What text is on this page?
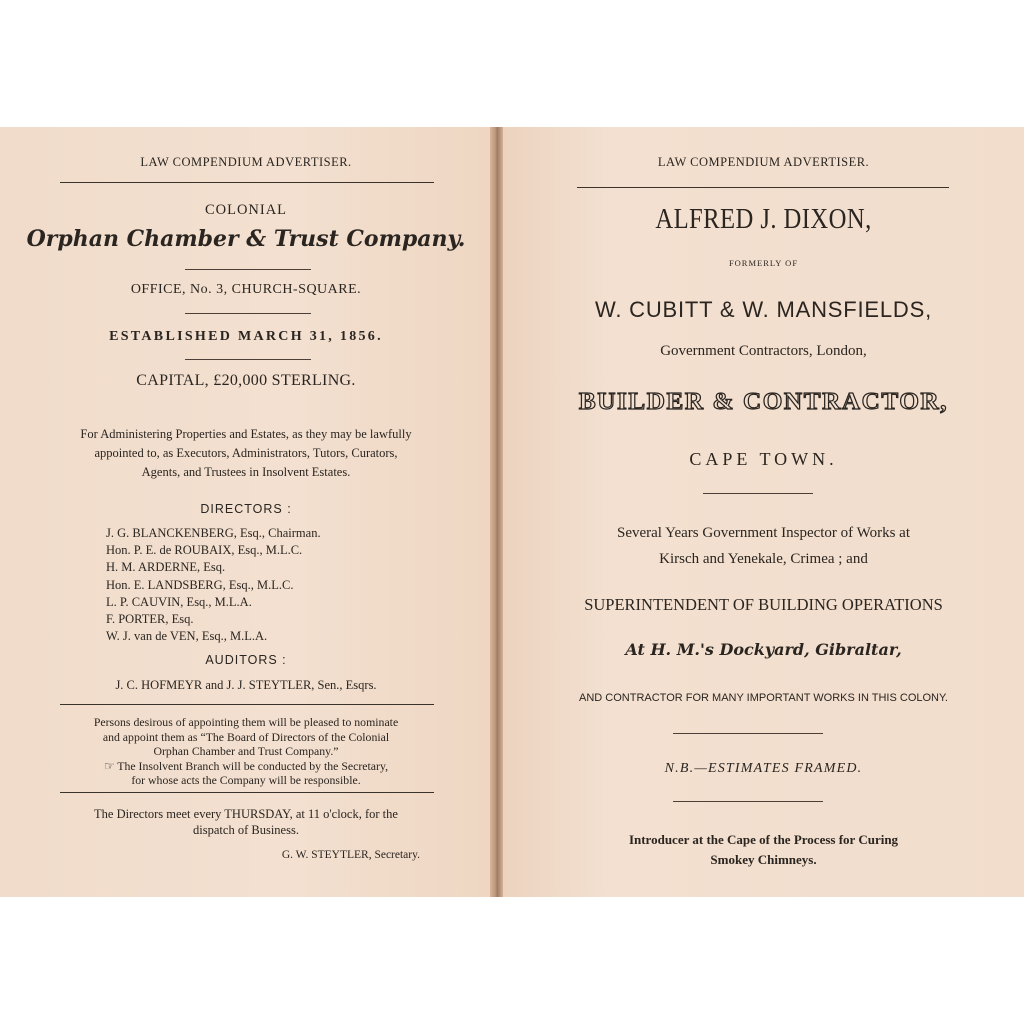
LAW COMPENDIUM ADVERTISER.
COLONIAL
Orphan Chamber & Trust Company.
OFFICE, No. 3, CHURCH-SQUARE.
ESTABLISHED MARCH 31, 1856.
CAPITAL, £20,000 STERLING.
For Administering Properties and Estates, as they may be lawfully
appointed to, as Executors, Administrators, Tutors, Curators,
Agents, and Trustees in Insolvent Estates.
DIRECTORS :
J. G. BLANCKENBERG, Esq., Chairman.
Hon. P. E. de ROUBAIX, Esq., M.L.C.
H. M. ARDERNE, Esq.
Hon. E. LANDSBERG, Esq., M.L.C.
L. P. CAUVIN, Esq., M.L.A.
F. PORTER, Esq.
W. J. van de VEN, Esq., M.L.A.
AUDITORS :
J. C. HOFMEYR and J. J. STEYTLER, Sen., Esqrs.
Persons desirous of appointing them will be pleased to nominate
and appoint them as “The Board of Directors of the Colonial
Orphan Chamber and Trust Company.”
☞ The Insolvent Branch will be conducted by the Secretary,
for whose acts the Company will be responsible.
The Directors meet every THURSDAY, at 11 o'clock, for the
dispatch of Business.
G. W. STEYTLER, Secretary.
LAW COMPENDIUM ADVERTISER.
ALFRED J. DIXON,
FORMERLY OF
W. CUBITT & W. MANSFIELDS,
Government Contractors, London,
BUILDER & CONTRACTOR,
CAPE TOWN.
Several Years Government Inspector of Works at
Kirsch and Yenekale, Crimea ; and
SUPERINTENDENT OF BUILDING OPERATIONS
At H. M.'s Dockyard, Gibraltar,
AND CONTRACTOR FOR MANY IMPORTANT WORKS IN THIS COLONY.
N.B.—ESTIMATES FRAMED.
Introducer at the Cape of the Process for Curing
Smokey Chimneys.
